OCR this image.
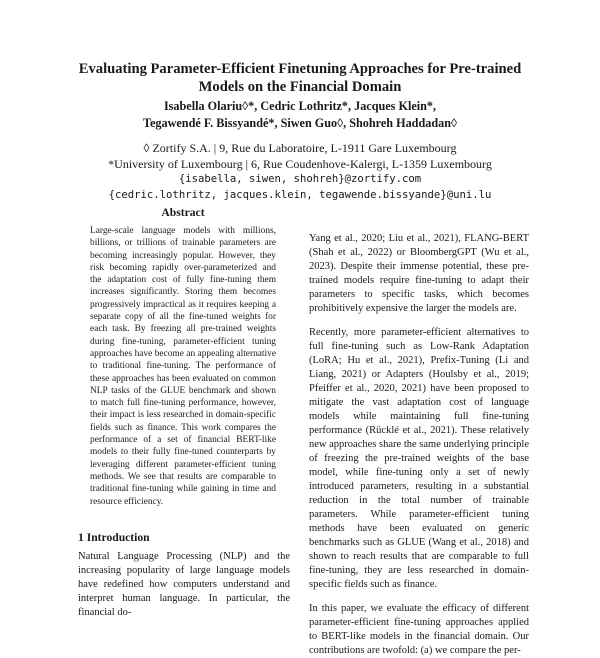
Evaluating Parameter-Efficient Finetuning Approaches for Pre-trained Models on the Financial Domain
Isabella Olariu◊*, Cedric Lothritz*, Jacques Klein*,
Tegawendé F. Bissyandé*, Siwen Guo◊, Shohreh Haddadan◊
◊ Zortify S.A. | 9, Rue du Laboratoire, L-1911 Gare Luxembourg
*University of Luxembourg | 6, Rue Coudenhove-Kalergi, L-1359 Luxembourg
{isabella, siwen, shohreh}@zortify.com
{cedric.lothritz, jacques.klein, tegawende.bissyande}@uni.lu
Abstract
Large-scale language models with millions, billions, or trillions of trainable parameters are becoming increasingly popular. However, they risk becoming rapidly over-parameterized and the adaptation cost of fully fine-tuning them increases significantly. Storing them becomes progressively impractical as it requires keeping a separate copy of all the fine-tuned weights for each task. By freezing all pre-trained weights during fine-tuning, parameter-efficient tuning approaches have become an appealing alternative to traditional fine-tuning. The performance of these approaches has been evaluated on common NLP tasks of the GLUE benchmark and shown to match full fine-tuning performance, however, their impact is less researched in domain-specific fields such as finance. This work compares the performance of a set of financial BERT-like models to their fully fine-tuned counterparts by leveraging different parameter-efficient tuning methods. We see that results are comparable to traditional fine-tuning while gaining in time and resource efficiency.
1 Introduction
Natural Language Processing (NLP) and the increasing popularity of large language models have redefined how computers understand and interpret human language. In particular, the financial do-

Yang et al., 2020; Liu et al., 2021), FLANG-BERT (Shah et al., 2022) or BloombergGPT (Wu et al., 2023). Despite their immense potential, these pre-trained models require fine-tuning to adapt their parameters to specific tasks, which becomes prohibitively expensive the larger the models are.

Recently, more parameter-efficient alternatives to full fine-tuning such as Low-Rank Adaptation (LoRA; Hu et al., 2021), Prefix-Tuning (Li and Liang, 2021) or Adapters (Houlsby et al., 2019; Pfeiffer et al., 2020, 2021) have been proposed to mitigate the vast adaptation cost of language models while maintaining full fine-tuning performance (Rücklé et al., 2021). These relatively new approaches share the same underlying principle of freezing the pre-trained weights of the base model, while fine-tuning only a set of newly introduced parameters, resulting in a substantial reduction in the total number of trainable parameters. While parameter-efficient tuning methods have been evaluated on generic benchmarks such as GLUE (Wang et al., 2018) and shown to reach results that are comparable to full fine-tuning, they are less researched in domain-specific fields such as finance.

In this paper, we evaluate the efficacy of different parameter-efficient fine-tuning approaches applied to BERT-like models in the financial domain. Our contributions are twofold: (a) we compare the per-
